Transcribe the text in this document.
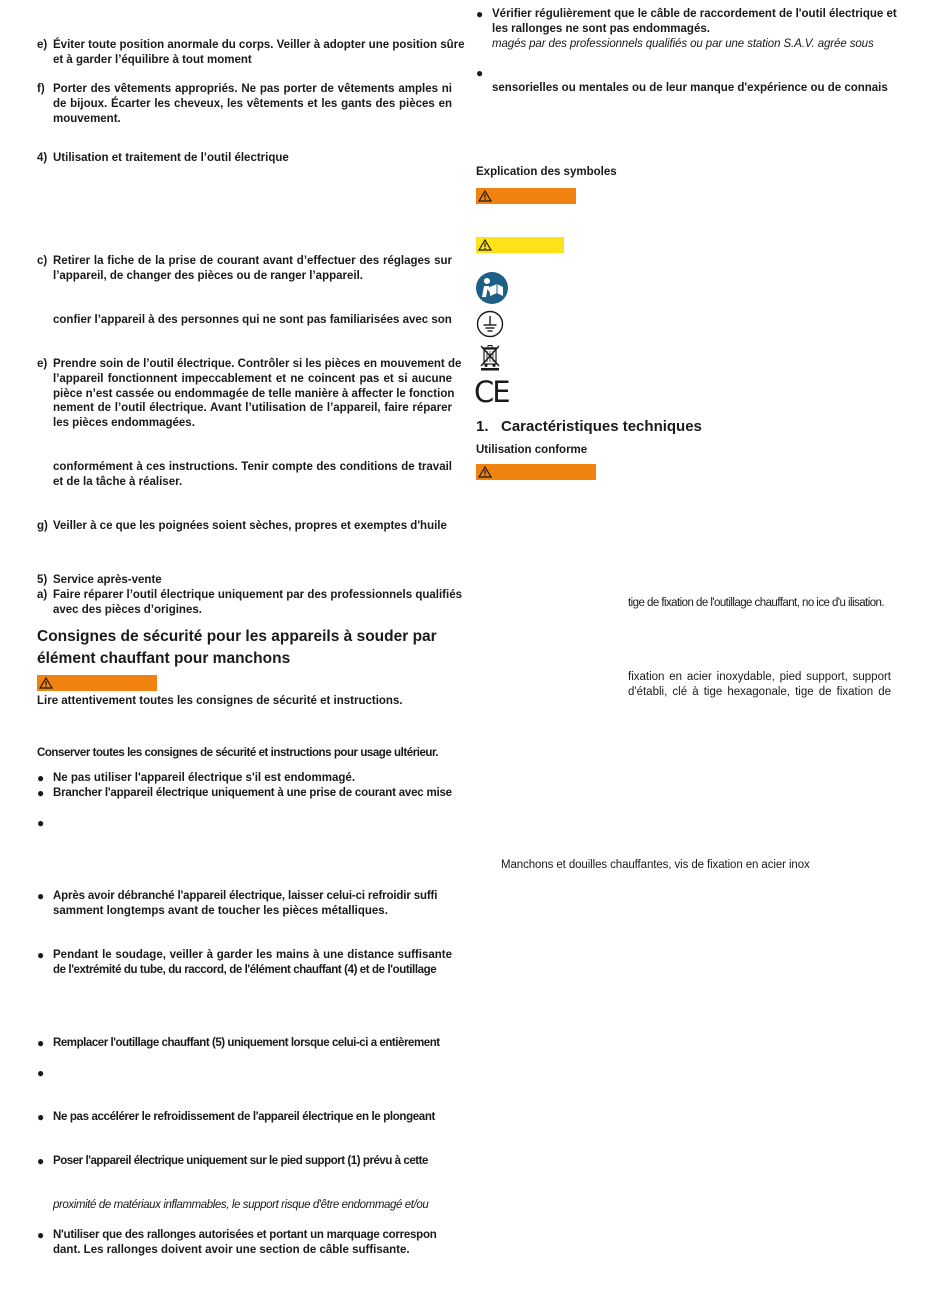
e) Éviter toute position anormale du corps. Veiller à adopter une position sûre
et à garder l’équilibre à tout moment
f) Porter des vêtements appropriés. Ne pas porter de vêtements amples ni
de bijoux. Écarter les cheveux, les vêtements et les gants des pièces en
mouvement.
4) Utilisation et traitement de l’outil électrique
c) Retirer la fiche de la prise de courant avant d’effectuer des réglages sur
l’appareil, de changer des pièces ou de ranger l’appareil.
confier l’appareil à des personnes qui ne sont pas familiarisées avec son
e) Prendre soin de l’outil électrique. Contrôler si les pièces en mouvement de
l’appareil fonctionnent impeccablement et ne coincent pas et si aucune
pièce n’est cassée ou endommagée de telle manière à affecter le fonction
nement de l’outil électrique. Avant l’utilisation de l’appareil, faire réparer
les pièces endommagées.
conformément à ces instructions. Tenir compte des conditions de travail
et de la tâche à réaliser.
g) Veiller à ce que les poignées soient sèches, propres et exemptes d'huile
5) Service après-vente
a) Faire réparer l’outil électrique uniquement par des professionnels qualifiés
avec des pièces d’origines.
Consignes de sécurité pour les appareils à souder par
élément chauffant pour manchons
Lire attentivement toutes les consignes de sécurité et instructions.
Conserver toutes les consignes de sécurité et instructions pour usage ultérieur.
● Ne pas utiliser l'appareil électrique s'il est endommagé.
● Brancher l'appareil électrique uniquement à une prise de courant avec mise
●
● Après avoir débranché l'appareil électrique, laisser celui-ci refroidir suffi
samment longtemps avant de toucher les pièces métalliques.
● Pendant le soudage, veiller à garder les mains à une distance suffisante
de l'extrémité du tube, du raccord, de l'élément chauffant (4) et de l'outillage
● Remplacer l'outillage chauffant (5) uniquement lorsque celui-ci a entièrement
●
● Ne pas accélérer le refroidissement de l'appareil électrique en le plongeant
● Poser l'appareil électrique uniquement sur le pied support (1) prévu à cette
proximité de matériaux inflammables, le support risque d'être endommagé et/ou
● N'utiliser que des rallonges autorisées et portant un marquage correspon
dant. Les rallonges doivent avoir une section de câble suffisante.
● Vérifier régulièrement que le câble de raccordement de l'outil électrique et
les rallonges ne sont pas endommagés.
magés par des professionnels qualifiés ou par une station S.A.V. agrée sous
●
sensorielles ou mentales ou de leur manque d'expérience ou de connais
Explication des symboles
CE
1. Caractéristiques techniques
Utilisation conforme
tige de fixation de l'outillage chauffant, no ice d'u ilisation.
fixation en acier inoxydable, pied support, support
d'établi, clé à tige hexagonale, tige de fixation de
Manchons et douilles chauffantes, vis de fixation en acier inox
